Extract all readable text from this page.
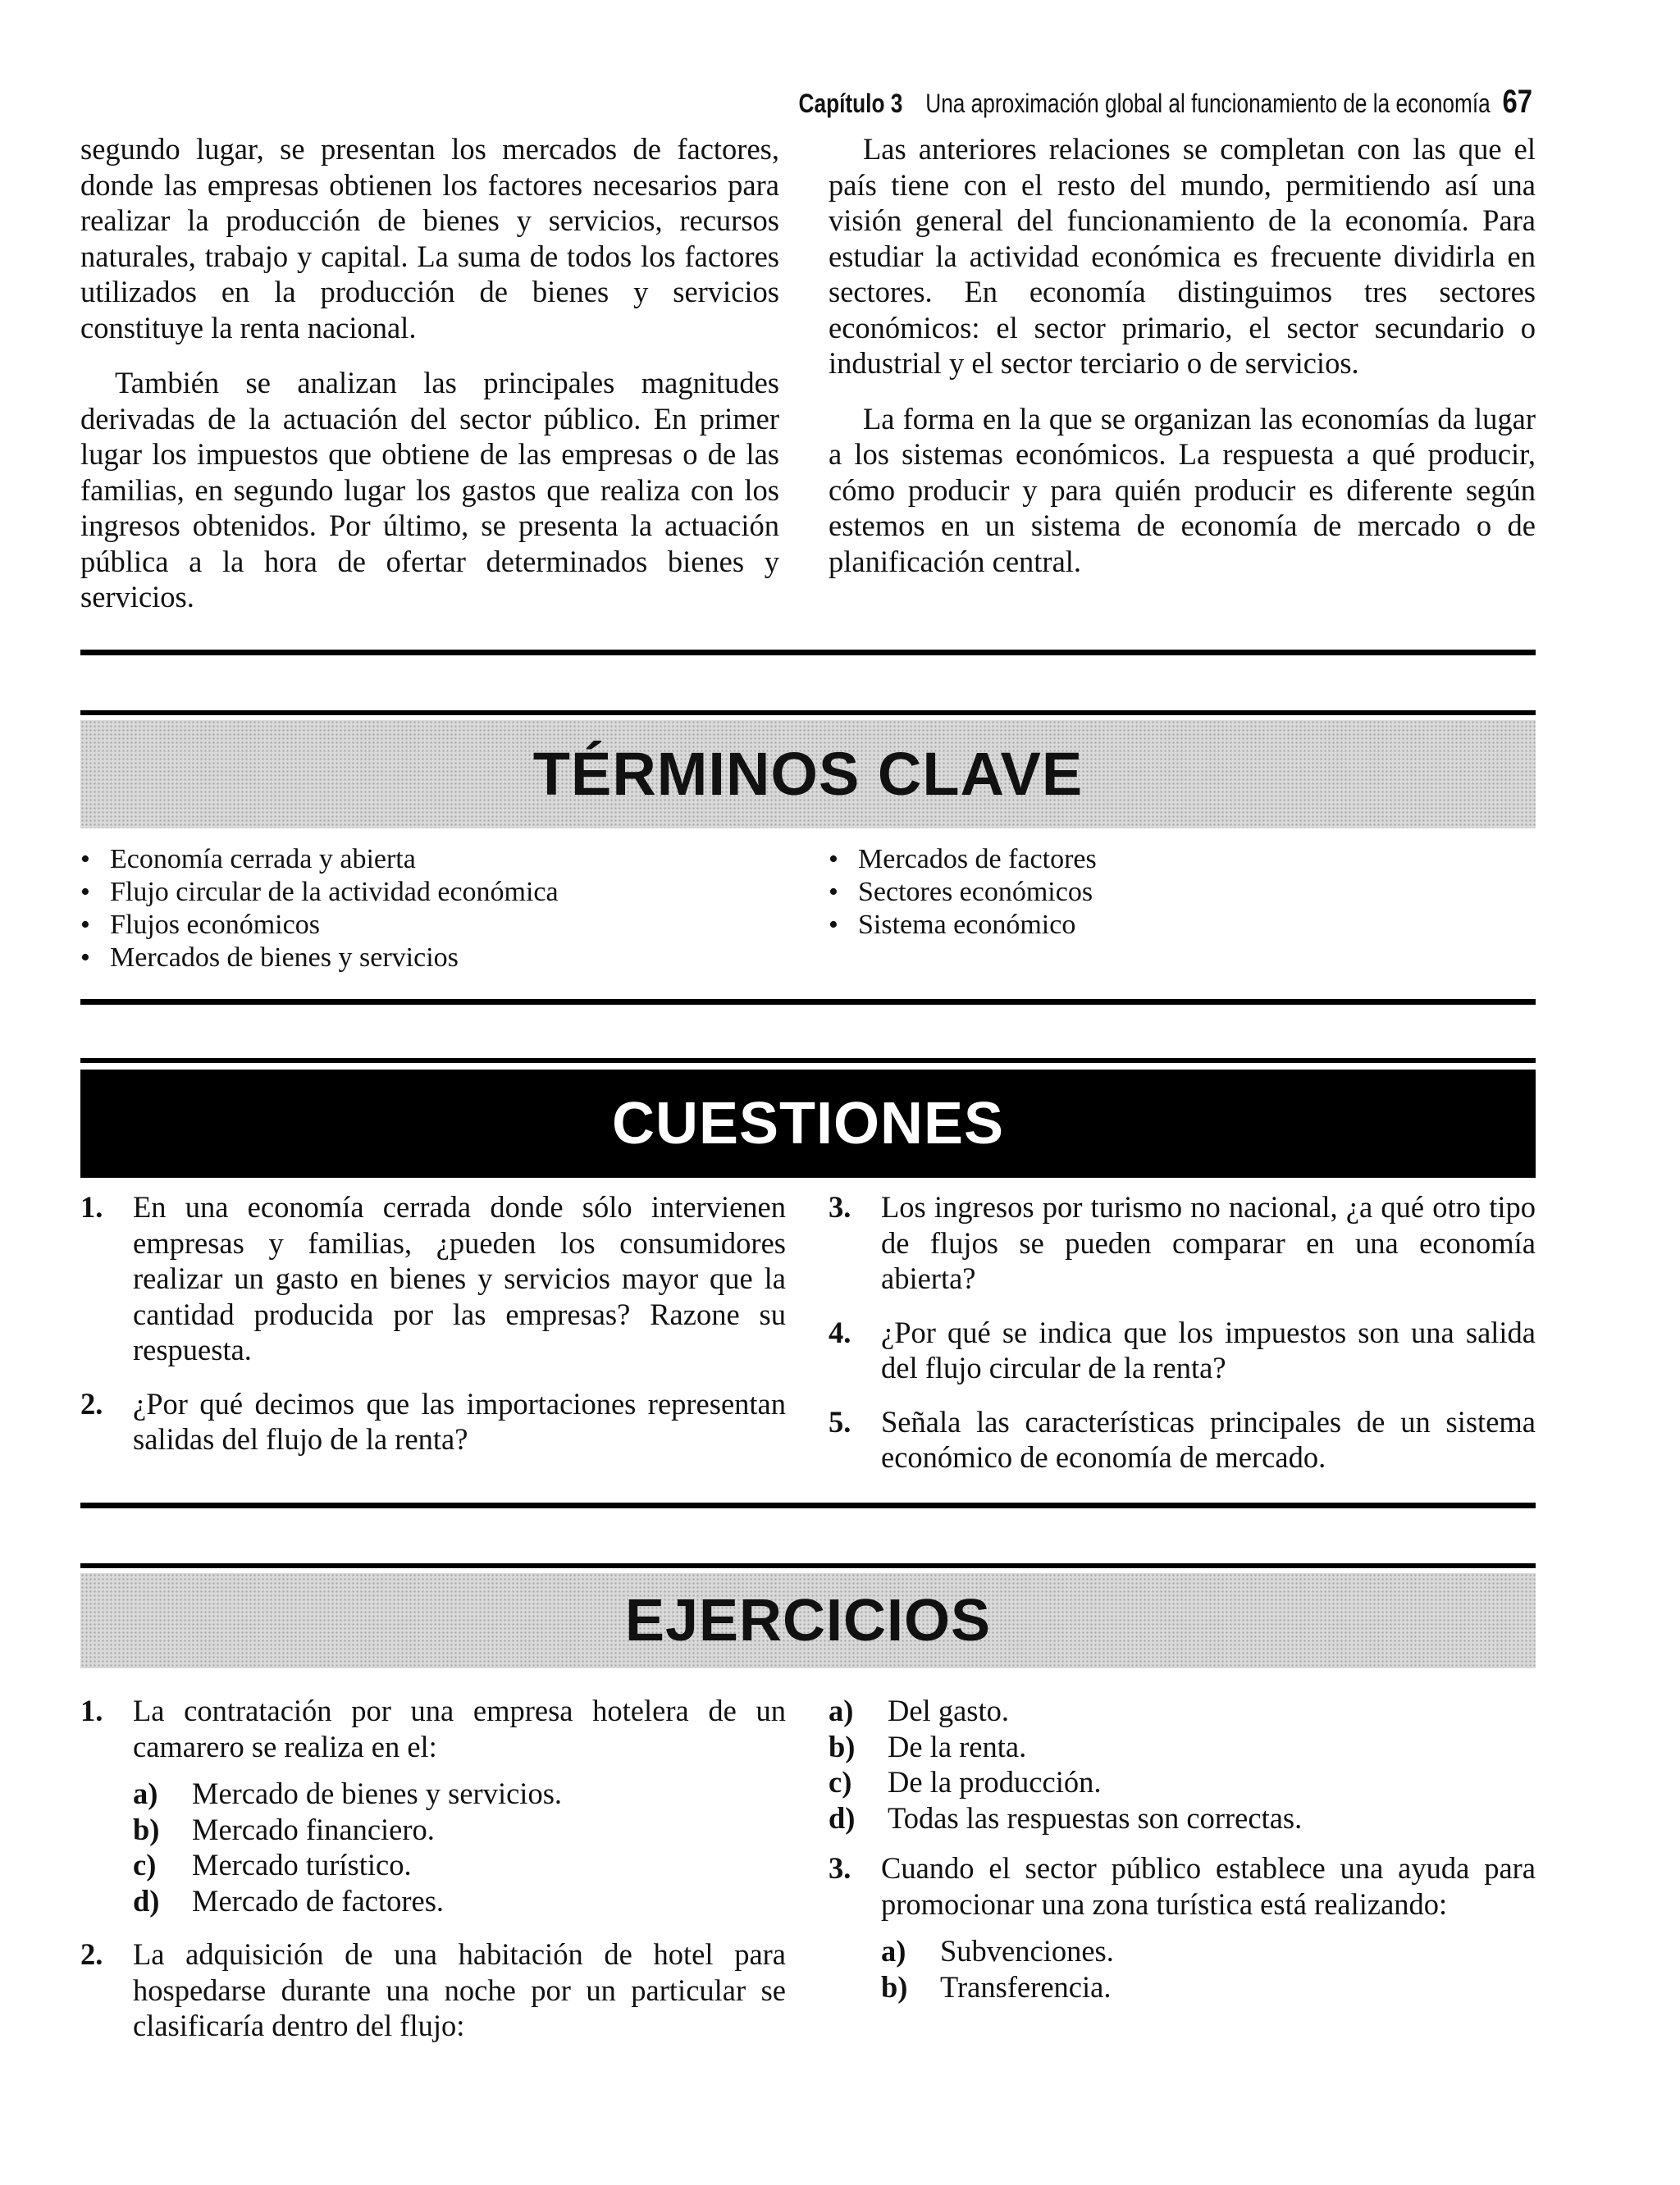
Capítulo 3 Una aproximación global al funcionamiento de la economía 67

segundo lugar, se presentan los mercados de factores, donde las empresas obtienen los factores necesarios para realizar la producción de bienes y servicios, recursos naturales, trabajo y capital. La suma de todos los factores utilizados en la producción de bienes y servicios constituye la renta nacional.

También se analizan las principales magnitudes derivadas de la actuación del sector público. En primer lugar los impuestos que obtiene de las empresas o de las familias, en segundo lugar los gastos que realiza con los ingresos obtenidos. Por último, se presenta la actuación pública a la hora de ofertar determinados bienes y servicios.

Las anteriores relaciones se completan con las que el país tiene con el resto del mundo, permitiendo así una visión general del funcionamiento de la economía. Para estudiar la actividad económica es frecuente dividirla en sectores. En economía distinguimos tres sectores económicos: el sector primario, el sector secundario o industrial y el sector terciario o de servicios.

La forma en la que se organizan las economías da lugar a los sistemas económicos. La respuesta a qué producir, cómo producir y para quién producir es diferente según estemos en un sistema de economía de mercado o de planificación central.

TÉRMINOS CLAVE
• Economía cerrada y abierta
• Flujo circular de la actividad económica
• Flujos económicos
• Mercados de bienes y servicios
• Mercados de factores
• Sectores económicos
• Sistema económico
CUESTIONES
1. En una economía cerrada donde sólo intervienen empresas y familias, ¿pueden los consumidores realizar un gasto en bienes y servicios mayor que la cantidad producida por las empresas? Razone su respuesta.
2. ¿Por qué decimos que las importaciones representan salidas del flujo de la renta?
3. Los ingresos por turismo no nacional, ¿a qué otro tipo de flujos se pueden comparar en una economía abierta?
4. ¿Por qué se indica que los impuestos son una salida del flujo circular de la renta?
5. Señala las características principales de un sistema económico de economía de mercado.
EJERCICIOS
1. La contratación por una empresa hotelera de un camarero se realiza en el:
a) Mercado de bienes y servicios.
b) Mercado financiero.
c) Mercado turístico.
d) Mercado de factores.
2. La adquisición de una habitación de hotel para hospedarse durante una noche por un particular se clasificaría dentro del flujo:
a) Del gasto.
b) De la renta.
c) De la producción.
d) Todas las respuestas son correctas.
3. Cuando el sector público establece una ayuda para promocionar una zona turística está realizando:
a) Subvenciones.
b) Transferencia.
